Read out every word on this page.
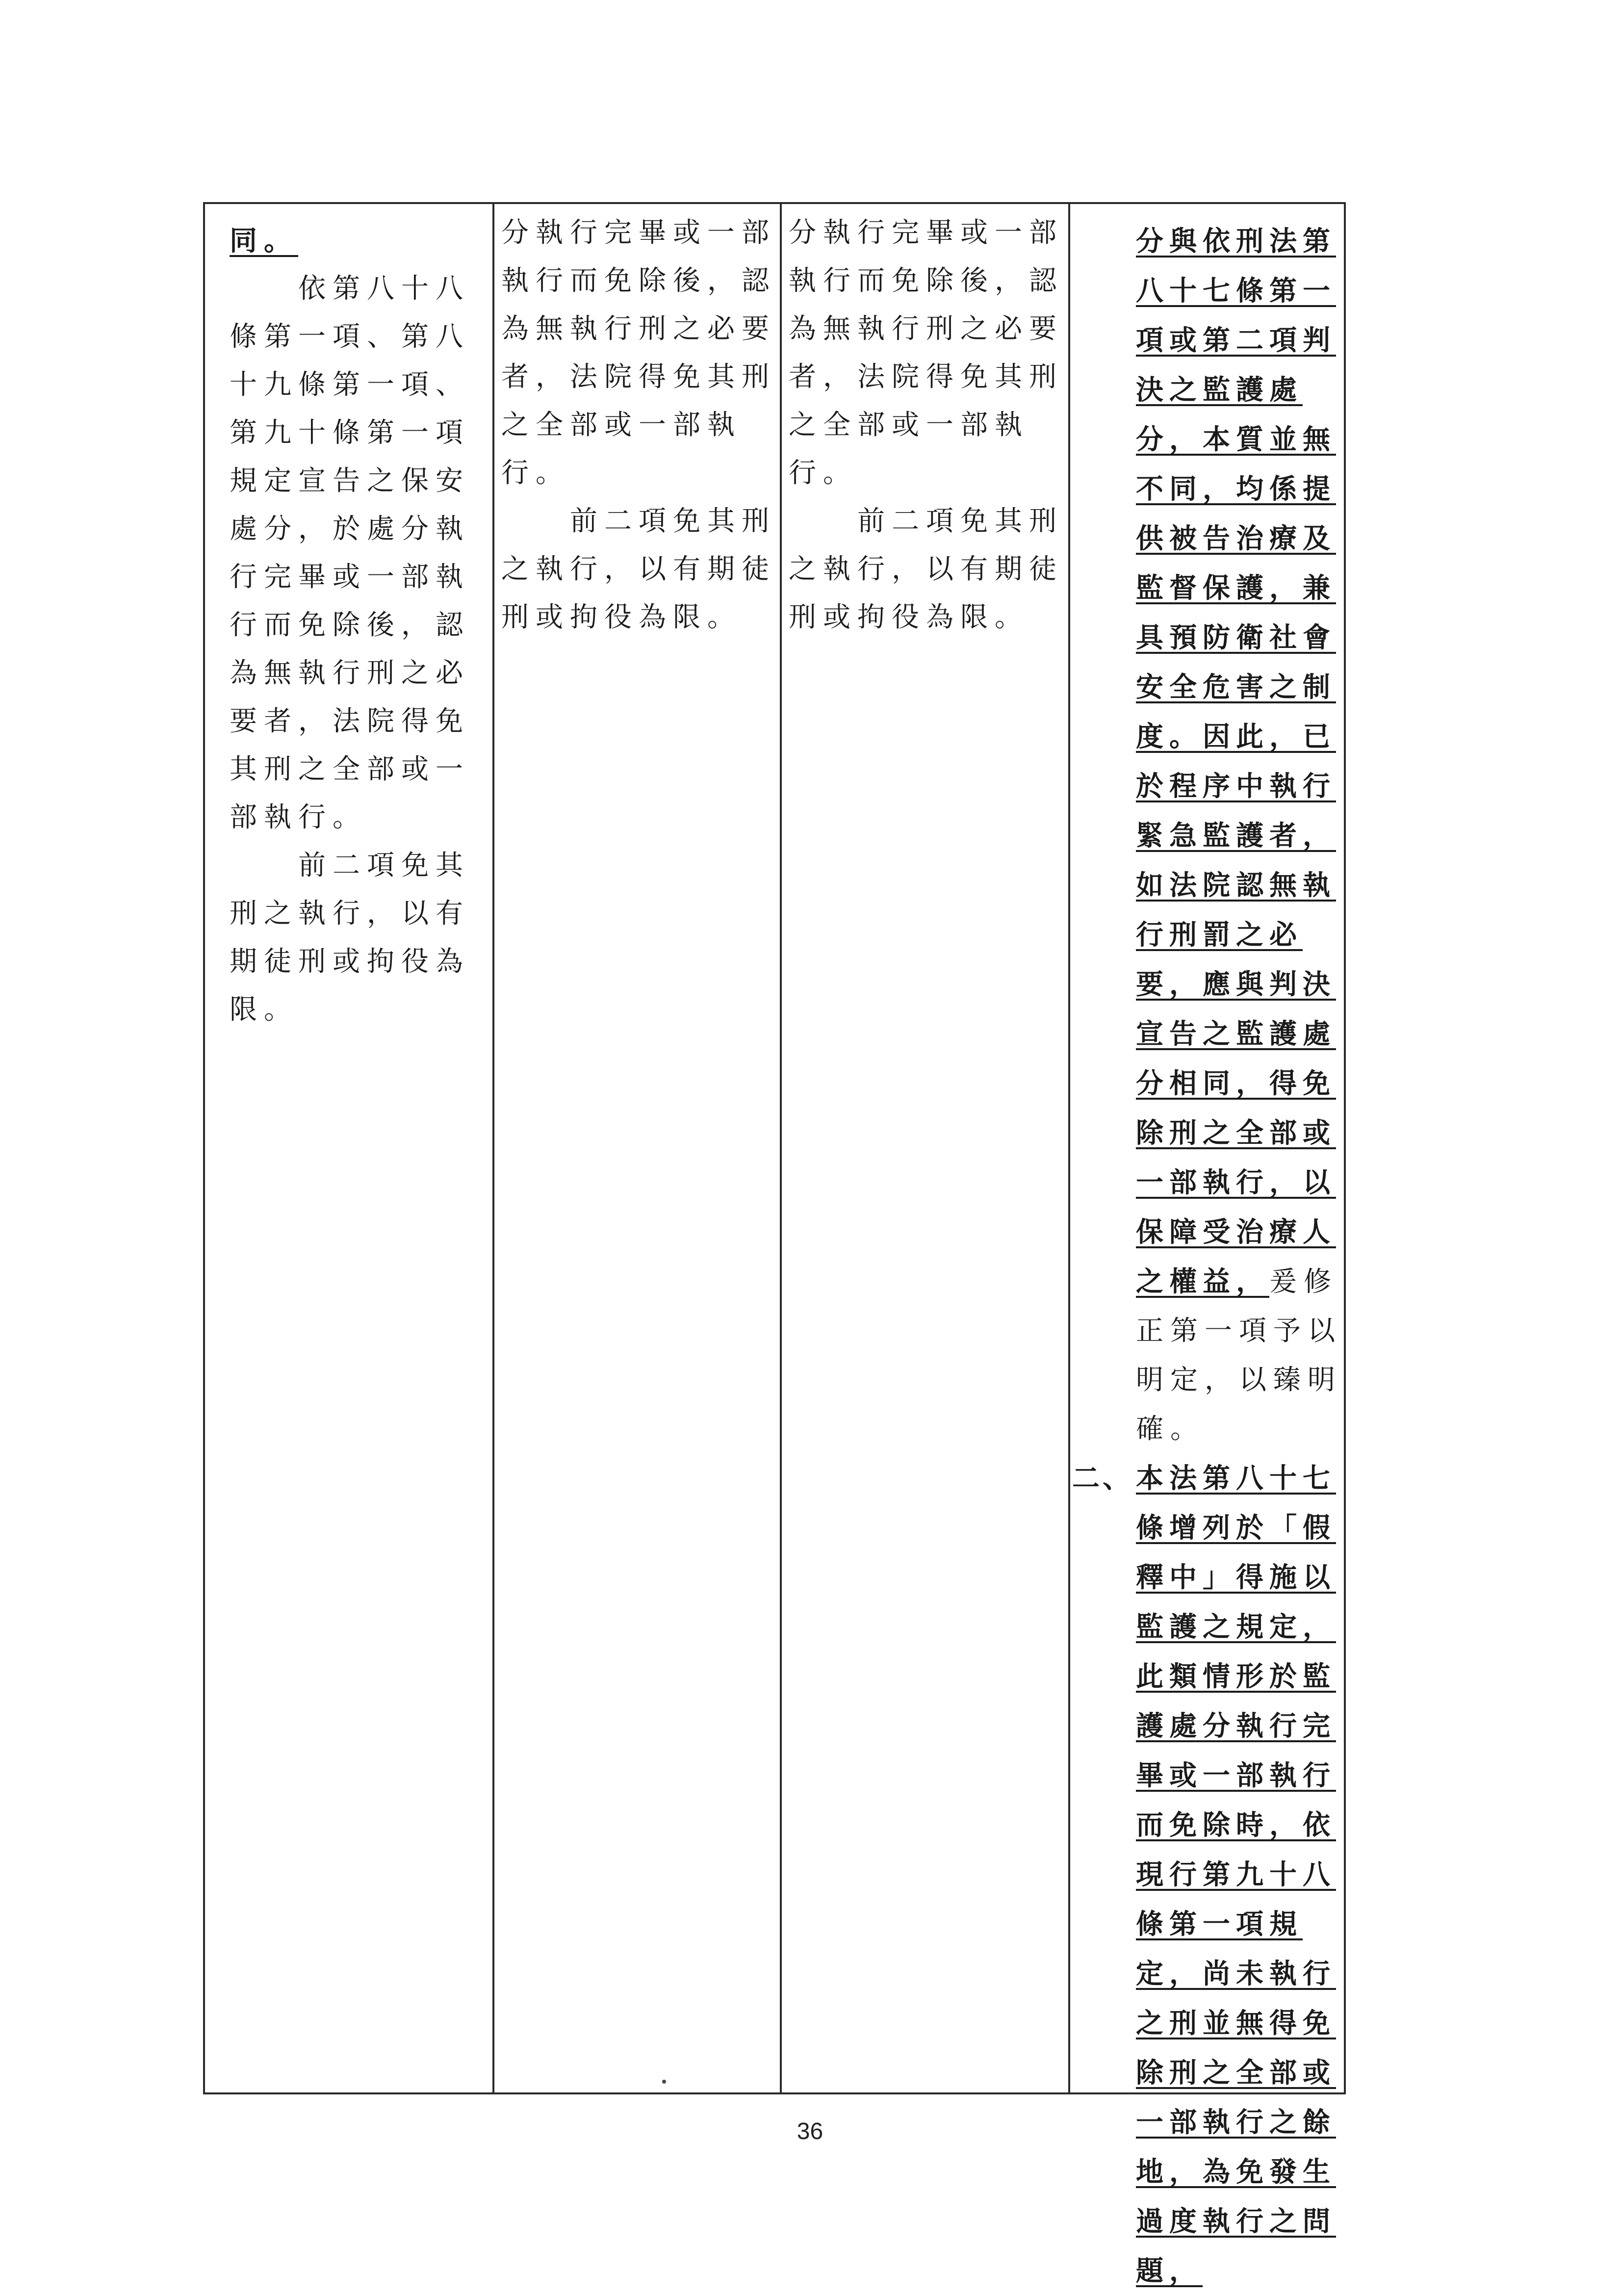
同。

依第八十八條第一項、第八十九條第一項、第九十條第一項規定宣告之保安處分，於處分執行完畢或一部執行而免除後，認為無執行刑之必要者，法院得免其刑之全部或一部執行。

前二項免其刑之執行，以有期徒刑或拘役為限。

分執行完畢或一部執行而免除後，認為無執行刑之必要者，法院得免其刑之全部或一部執行。

前二項免其刑之執行，以有期徒刑或拘役為限。

分執行完畢或一部執行而免除後，認為無執行刑之必要者，法院得免其刑之全部或一部執行。

前二項免其刑之執行，以有期徒刑或拘役為限。

分與依刑法第八十七條第一項或第二項判決之監護處分，本質並無不同，均係提供被告治療及監督保護，兼具預防衛社會安全危害之制度。因此，已於程序中執行緊急監護者，如法院認無執行刑罰之必要，應與判決宣告之監護處分相同，得免除刑之全部或一部執行，以保障受治療人之權益，爰修正第一項予以明定，以臻明確。

二、 本法第八十七條增列於「假釋中」得施以監護之規定，此類情形於監護處分執行完畢或一部執行而免除時，依現行第九十八條第一項規定，尚未執行之刑並無得免除刑之全部或一部執行之餘地，為免發生過度執行之問題，
36
